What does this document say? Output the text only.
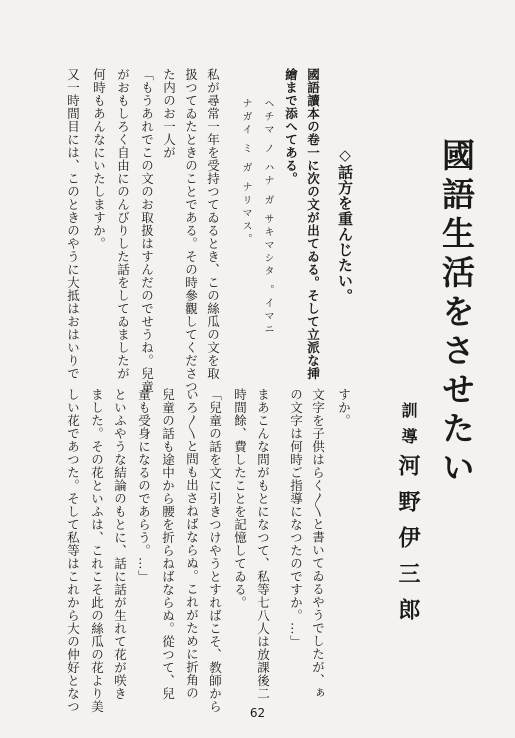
國語生活をさせたい
訓導河野伊三郎
◇話方を重んじたい。
國語讀本の卷一に次の文が出てゐる。そして立派な挿
繪まで添へてある。
ヘチマ ノ ハナ ガ サキマシタ 。イマニ
ナガイ ミ ガ ナリマス。
私が尋常一年を受持つてゐるとき、この絲瓜の文を取
扱つてゐたときのことである。その時參觀してくださつ
た内のお一人が
「もうあれでこの文のお取扱はすんだのでせうね。兒童
がおもしろく自由にのんびりした話をしてゐましたが
何時もあんなにいたしますか。
又一時間目には、このときのやうに大抵はおはいりで
すか。
文字を子供はらく〳〵と書いてゐるやうでしたが、ぁ
の文字は何時ご指導になつたのですか。…」
まあこんな問がもとになつて、私等七八人は放課後二
時間餘、費したことを記憶してゐる。
「兒童の話を文に引きつけやうとすればこそ、教師から
いろ〳〵と問も出さねばならぬ。これがために折角の
兒童の話も途中から腰を折らねばならぬ。從つて、兒
童も受身になるのであらう。…」
といふやうな結論のもとに、話に話が生れて花が咲き
ました。その花といふは、これこそ此の絲瓜の花より美
しい花であつた。そして私等はこれから大の仲好となつ	62
